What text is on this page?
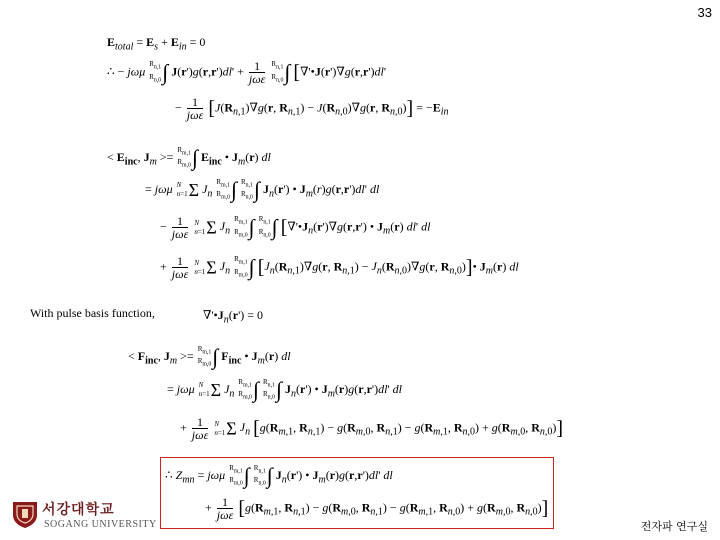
33
$E_{total} = E_s + E_{in} = 0$
∴ − jωμ $R_{n,1}$
$R_{n,0}\int$ $J(r')g(r,r')dl' + \frac{1}{\text{jωε}} R_{n,1}$
$R_{n,0}\int$ [∇'•J(r')∇g(r,r')dl'
− $\frac{1}{\text{jωε}} [J(R_{n,1})\nabla g(r$, $R_{n,1}) - J(R_{n,0})\nabla g(r$, $R_{n,0})] = -E_{in}$
< $E_{inc}$, $J_m >= R_{m,1}$
$R_{m,0}\int$ $E_{inc}$ • $J_m(r)$ dl
= jωμ N
n=1Σ $J_n$ $R_{m,1}$
$R_{m,0}\int$ $R_{n,1}$
$R_{n,0}\int$ $J_n(r')$ • $J_m(r)g(r,r')dl'$ dl
− $\frac{1}{\text{jωε}}$ N
n=1Σ $J_n$ $R_{m,1}$
$R_{m,0}\int$ $R_{n,1}$
$R_{n,0}\int$ [$\nabla'•J_n(r')\nabla g(r,r')$ • $J_m(r)$ dl' dl
+ $\frac{1}{\text{jωε}}$ N
n=1Σ $J_n$ $R_{m,1}$
$R_{m,0}\int$ [$J_n(R_{n,1})\nabla g(r$, $R_{n,1}) - J_n(R_{n,0})\nabla g(r$, $R_{n,0})]•$ $J_m(r)$ dl
With pulse basis function,	$\nabla'•J_n(r') = 0$
< $F_{inc}$, $J_m >= R_{m,1}$
$R_{m,0}\int$ $F_{inc}$ • $J_m(r)$ dl
= jωμ N
n=1Σ $J_n$ $R_{m,1}$
$R_{m,0}\int$ $R_{n,1}$
$R_{n,0}\int$ $J_n(r')$ • $J_m(r)g(r,r')dl'$ dl
+ $\frac{1}{\text{jωε}}$ N
n=1Σ $J_n$ [$g(R_{m,1}$, $R_{n,1}) - g(R_{m,0}$, $R_{n,1}) - g(R_{m,1}$, $R_{n,0}) + g(R_{m,0}$, $R_{n,0}$)]
∴ $Z_{mn} = j\omega\mu$ $R_{m,1}$
$R_{m,0}\int$ $R_{n,1}$
$R_{n,0}\int$ $J_n(r')$ • $J_m(r)g(r,r')dl'$ dl
+ $\frac{1}{\text{jωε}} [g(R_{m,1}$, $R_{n,1}) - g(R_{m,0}$, $R_{n,1}) - g(R_{m,1}$, $R_{n,0}) + g(R_{m,0}$, $R_{n,0}$)]
서강대학교
SOGANG UNIVERSITY	전자파 연구실
